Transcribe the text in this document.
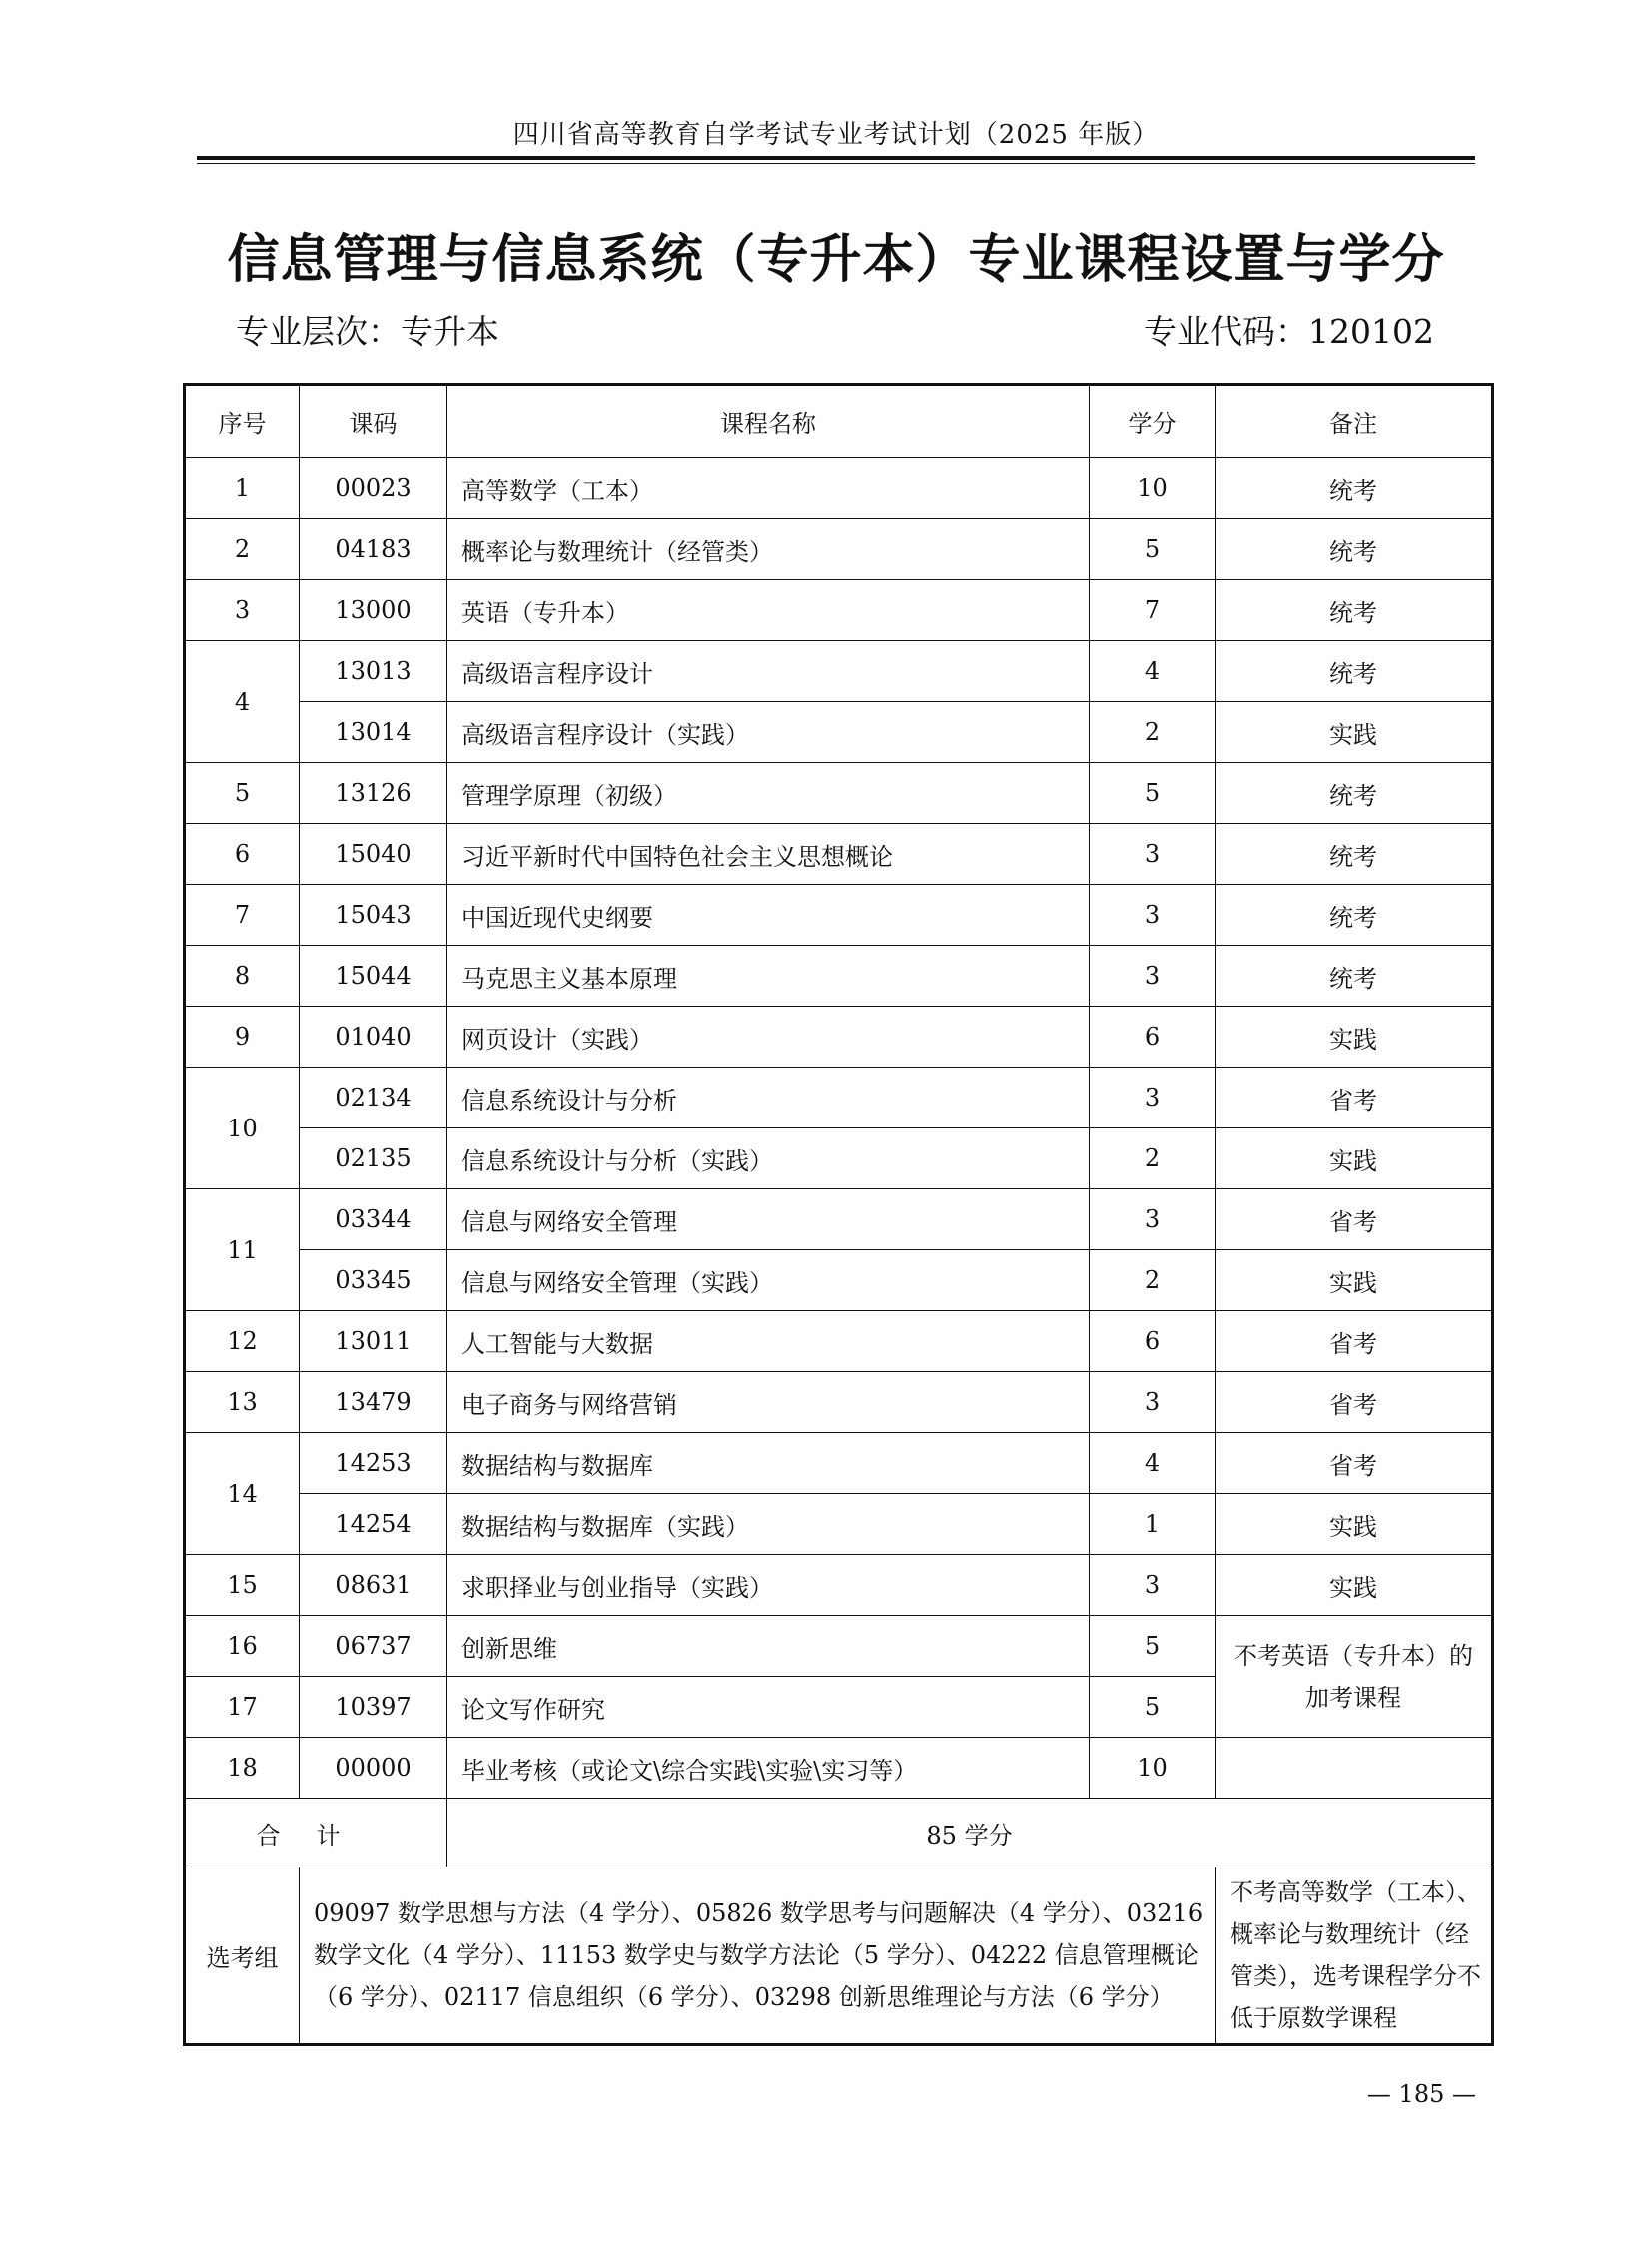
四川省高等教育自学考试专业考试计划（2025 年版）
信息管理与信息系统（专升本）专业课程设置与学分
专业层次：专升本	专业代码：120102
序号	课码	课程名称	学分	备注
1	00023	高等数学（工本）	10	统考
2	04183	概率论与数理统计（经管类）	5	统考
3	13000	英语（专升本）	7	统考
4	13013	高级语言程序设计	4	统考
	13014	高级语言程序设计（实践）	2	实践
5	13126	管理学原理（初级）	5	统考
6	15040	习近平新时代中国特色社会主义思想概论	3	统考
7	15043	中国近现代史纲要	3	统考
8	15044	马克思主义基本原理	3	统考
9	01040	网页设计（实践）	6	实践
10	02134	信息系统设计与分析	3	省考
	02135	信息系统设计与分析（实践）	2	实践
11	03344	信息与网络安全管理	3	省考
	03345	信息与网络安全管理（实践）	2	实践
12	13011	人工智能与大数据	6	省考
13	13479	电子商务与网络营销	3	省考
14	14253	数据结构与数据库	4	省考
	14254	数据结构与数据库（实践）	1	实践
15	08631	求职择业与创业指导（实践）	3	实践
16	06737	创新思维	5	不考英语（专升本）的加考课程
17	10397	论文写作研究	5	
18	00000	毕业考核（或论文\综合实践\实验\实习等）	10	
合计		85 学分		
选考组	09097 数学思想与方法（4 学分）、05826 数学思考与问题解决（4 学分）、03216 数学文化（4 学分）、11153 数学史与数学方法论（5 学分）、04222 信息管理概论（6 学分）、02117 信息组织（6 学分）、03298 创新思维理论与方法（6 学分）			不考高等数学（工本）、概率论与数理统计（经管类），选考课程学分不低于原数学课程
— 185 —
